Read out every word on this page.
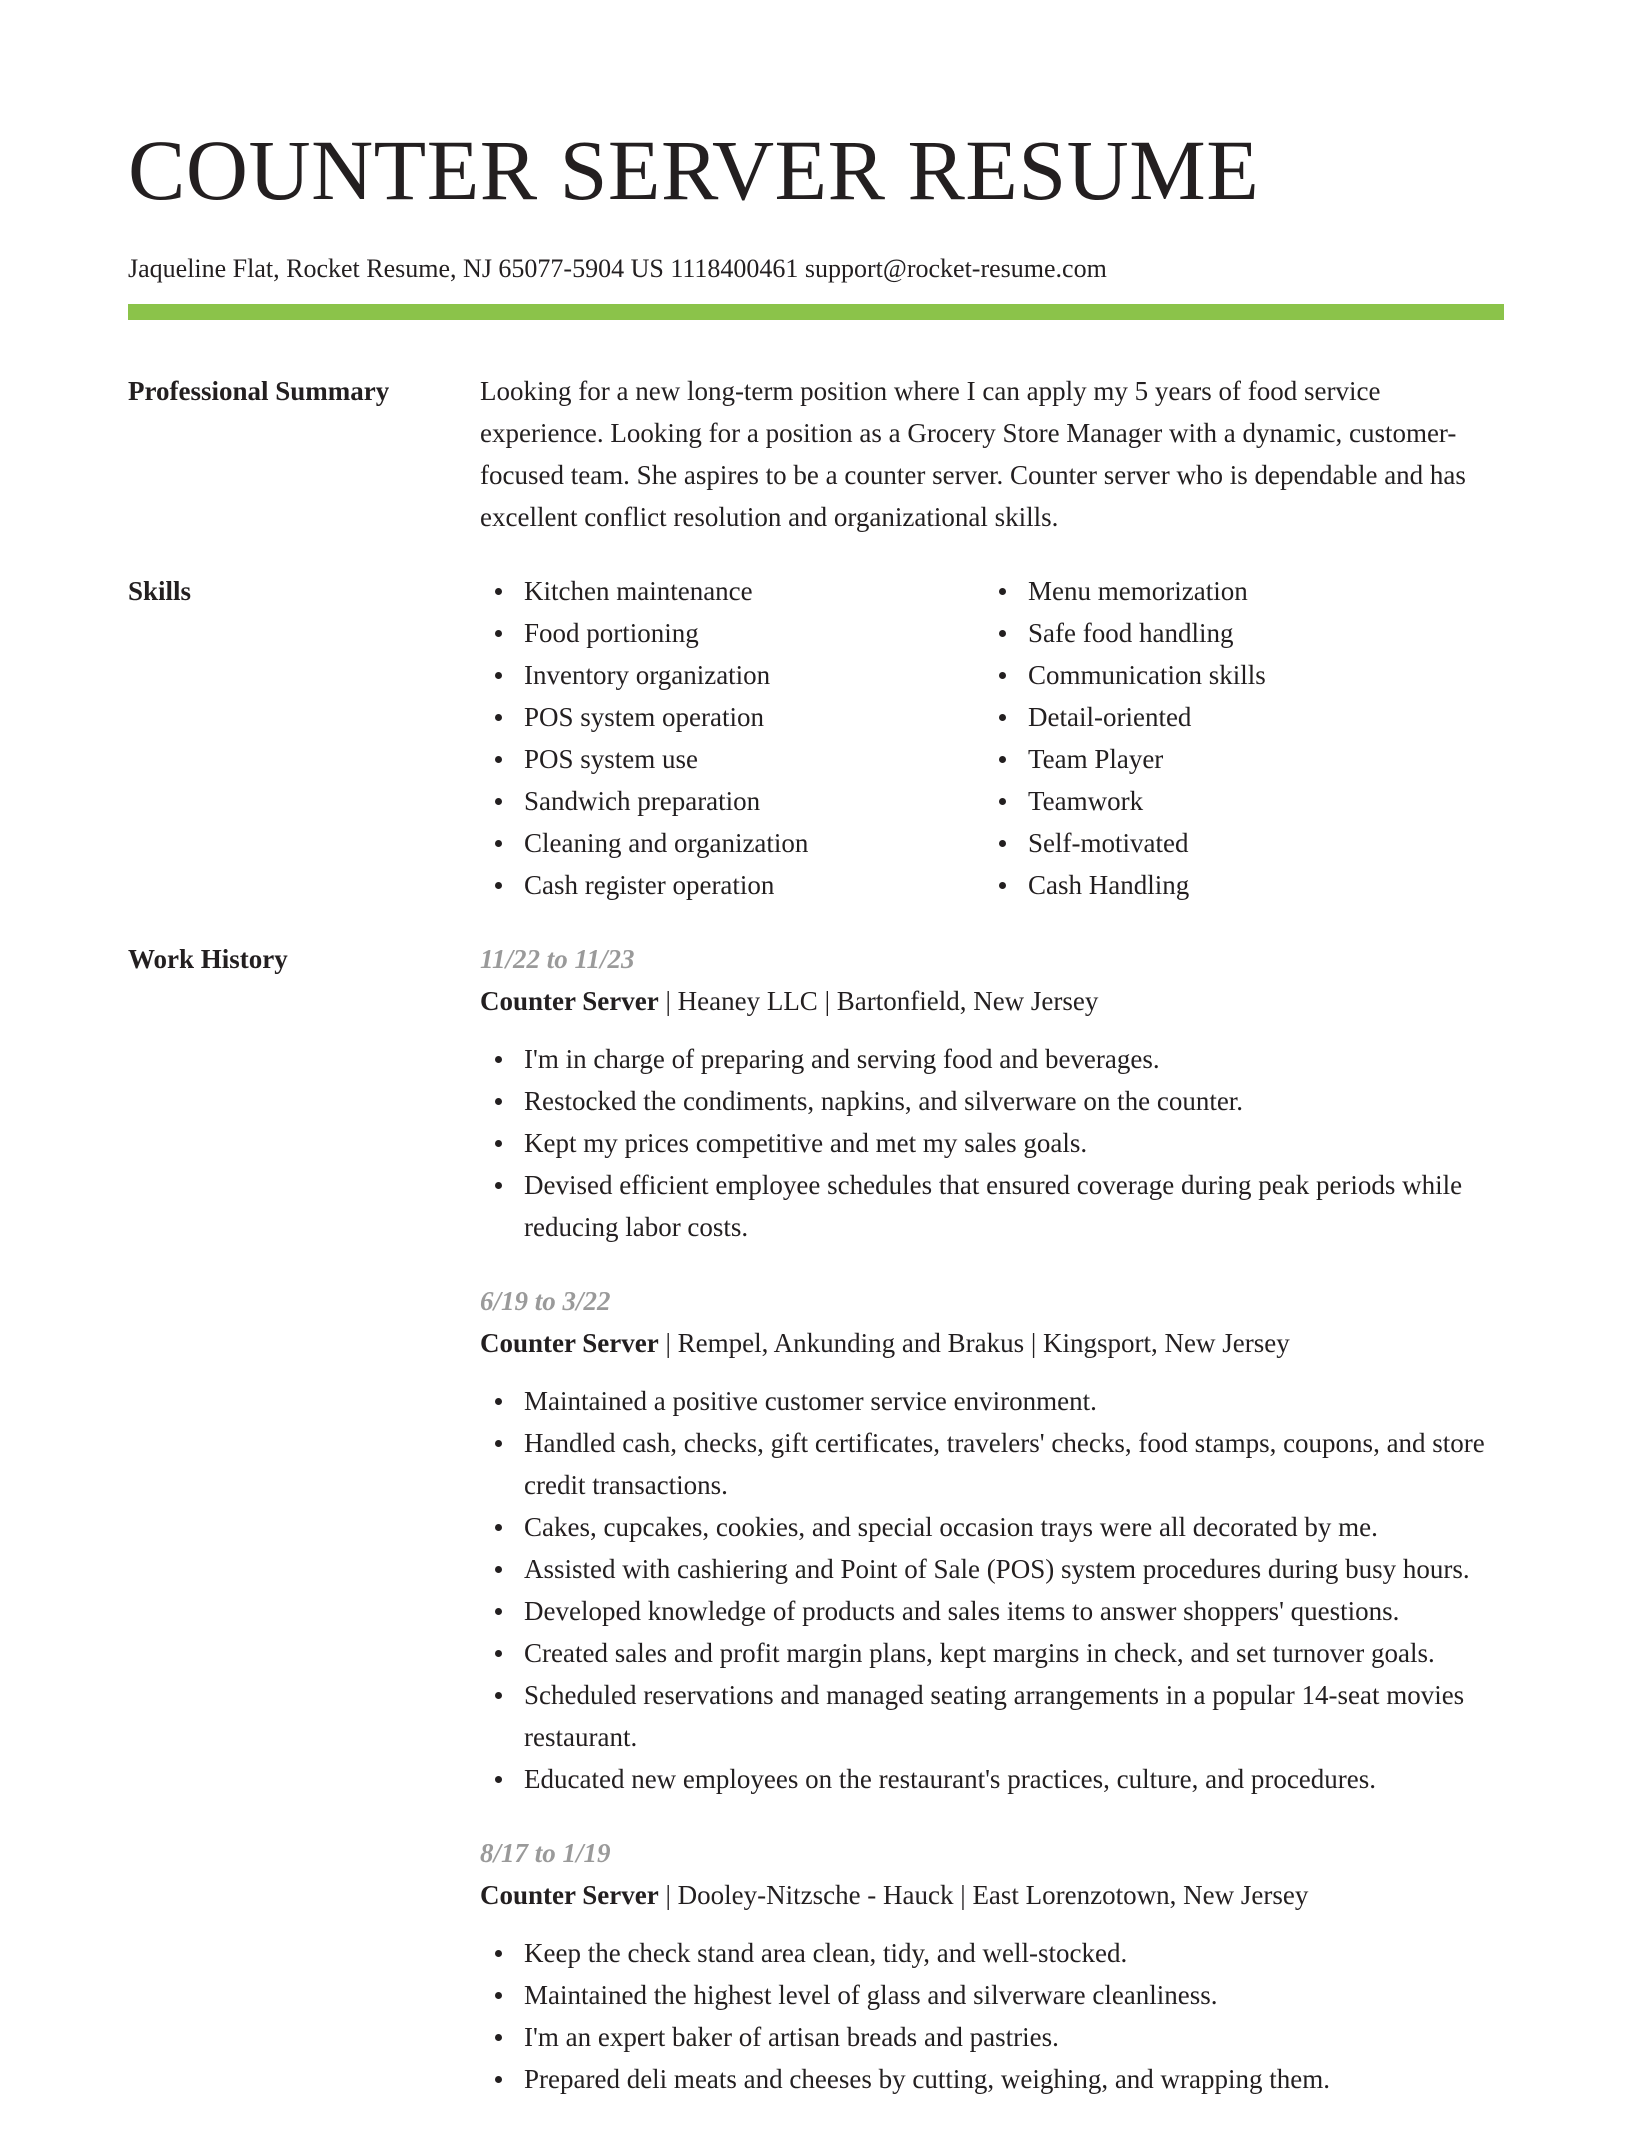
COUNTER SERVER RESUME
Jaqueline Flat, Rocket Resume, NJ 65077-5904 US 1118400461 support@rocket-resume.com
Professional Summary	Looking for a new long-term position where I can apply my 5 years of food service experience. Looking for a position as a Grocery Store Manager with a dynamic, customer-focused team. She aspires to be a counter server. Counter server who is dependable and has excellent conflict resolution and organizational skills.

Skills	Kitchen maintenance
Food portioning
Inventory organization
POS system operation
POS system use
Sandwich preparation
Cleaning and organization
Cash register operation
Menu memorization
Safe food handling
Communication skills
Detail-oriented
Team Player
Teamwork
Self-motivated
Cash Handling
Work History	11/22 to 11/23
Counter Server | Heaney LLC | Bartonfield, New Jersey
I'm in charge of preparing and serving food and beverages.
Restocked the condiments, napkins, and silverware on the counter.
Kept my prices competitive and met my sales goals.
Devised efficient employee schedules that ensured coverage during peak periods while reducing labor costs.
6/19 to 3/22
Counter Server | Rempel, Ankunding and Brakus | Kingsport, New Jersey
Maintained a positive customer service environment.
Handled cash, checks, gift certificates, travelers' checks, food stamps, coupons, and store credit transactions.
Cakes, cupcakes, cookies, and special occasion trays were all decorated by me.
Assisted with cashiering and Point of Sale (POS) system procedures during busy hours.
Developed knowledge of products and sales items to answer shoppers' questions.
Created sales and profit margin plans, kept margins in check, and set turnover goals.
Scheduled reservations and managed seating arrangements in a popular 14-seat movies restaurant.
Educated new employees on the restaurant's practices, culture, and procedures.
8/17 to 1/19
Counter Server | Dooley-Nitzsche - Hauck | East Lorenzotown, New Jersey
Keep the check stand area clean, tidy, and well-stocked.
Maintained the highest level of glass and silverware cleanliness.
I'm an expert baker of artisan breads and pastries.
Prepared deli meats and cheeses by cutting, weighing, and wrapping them.
